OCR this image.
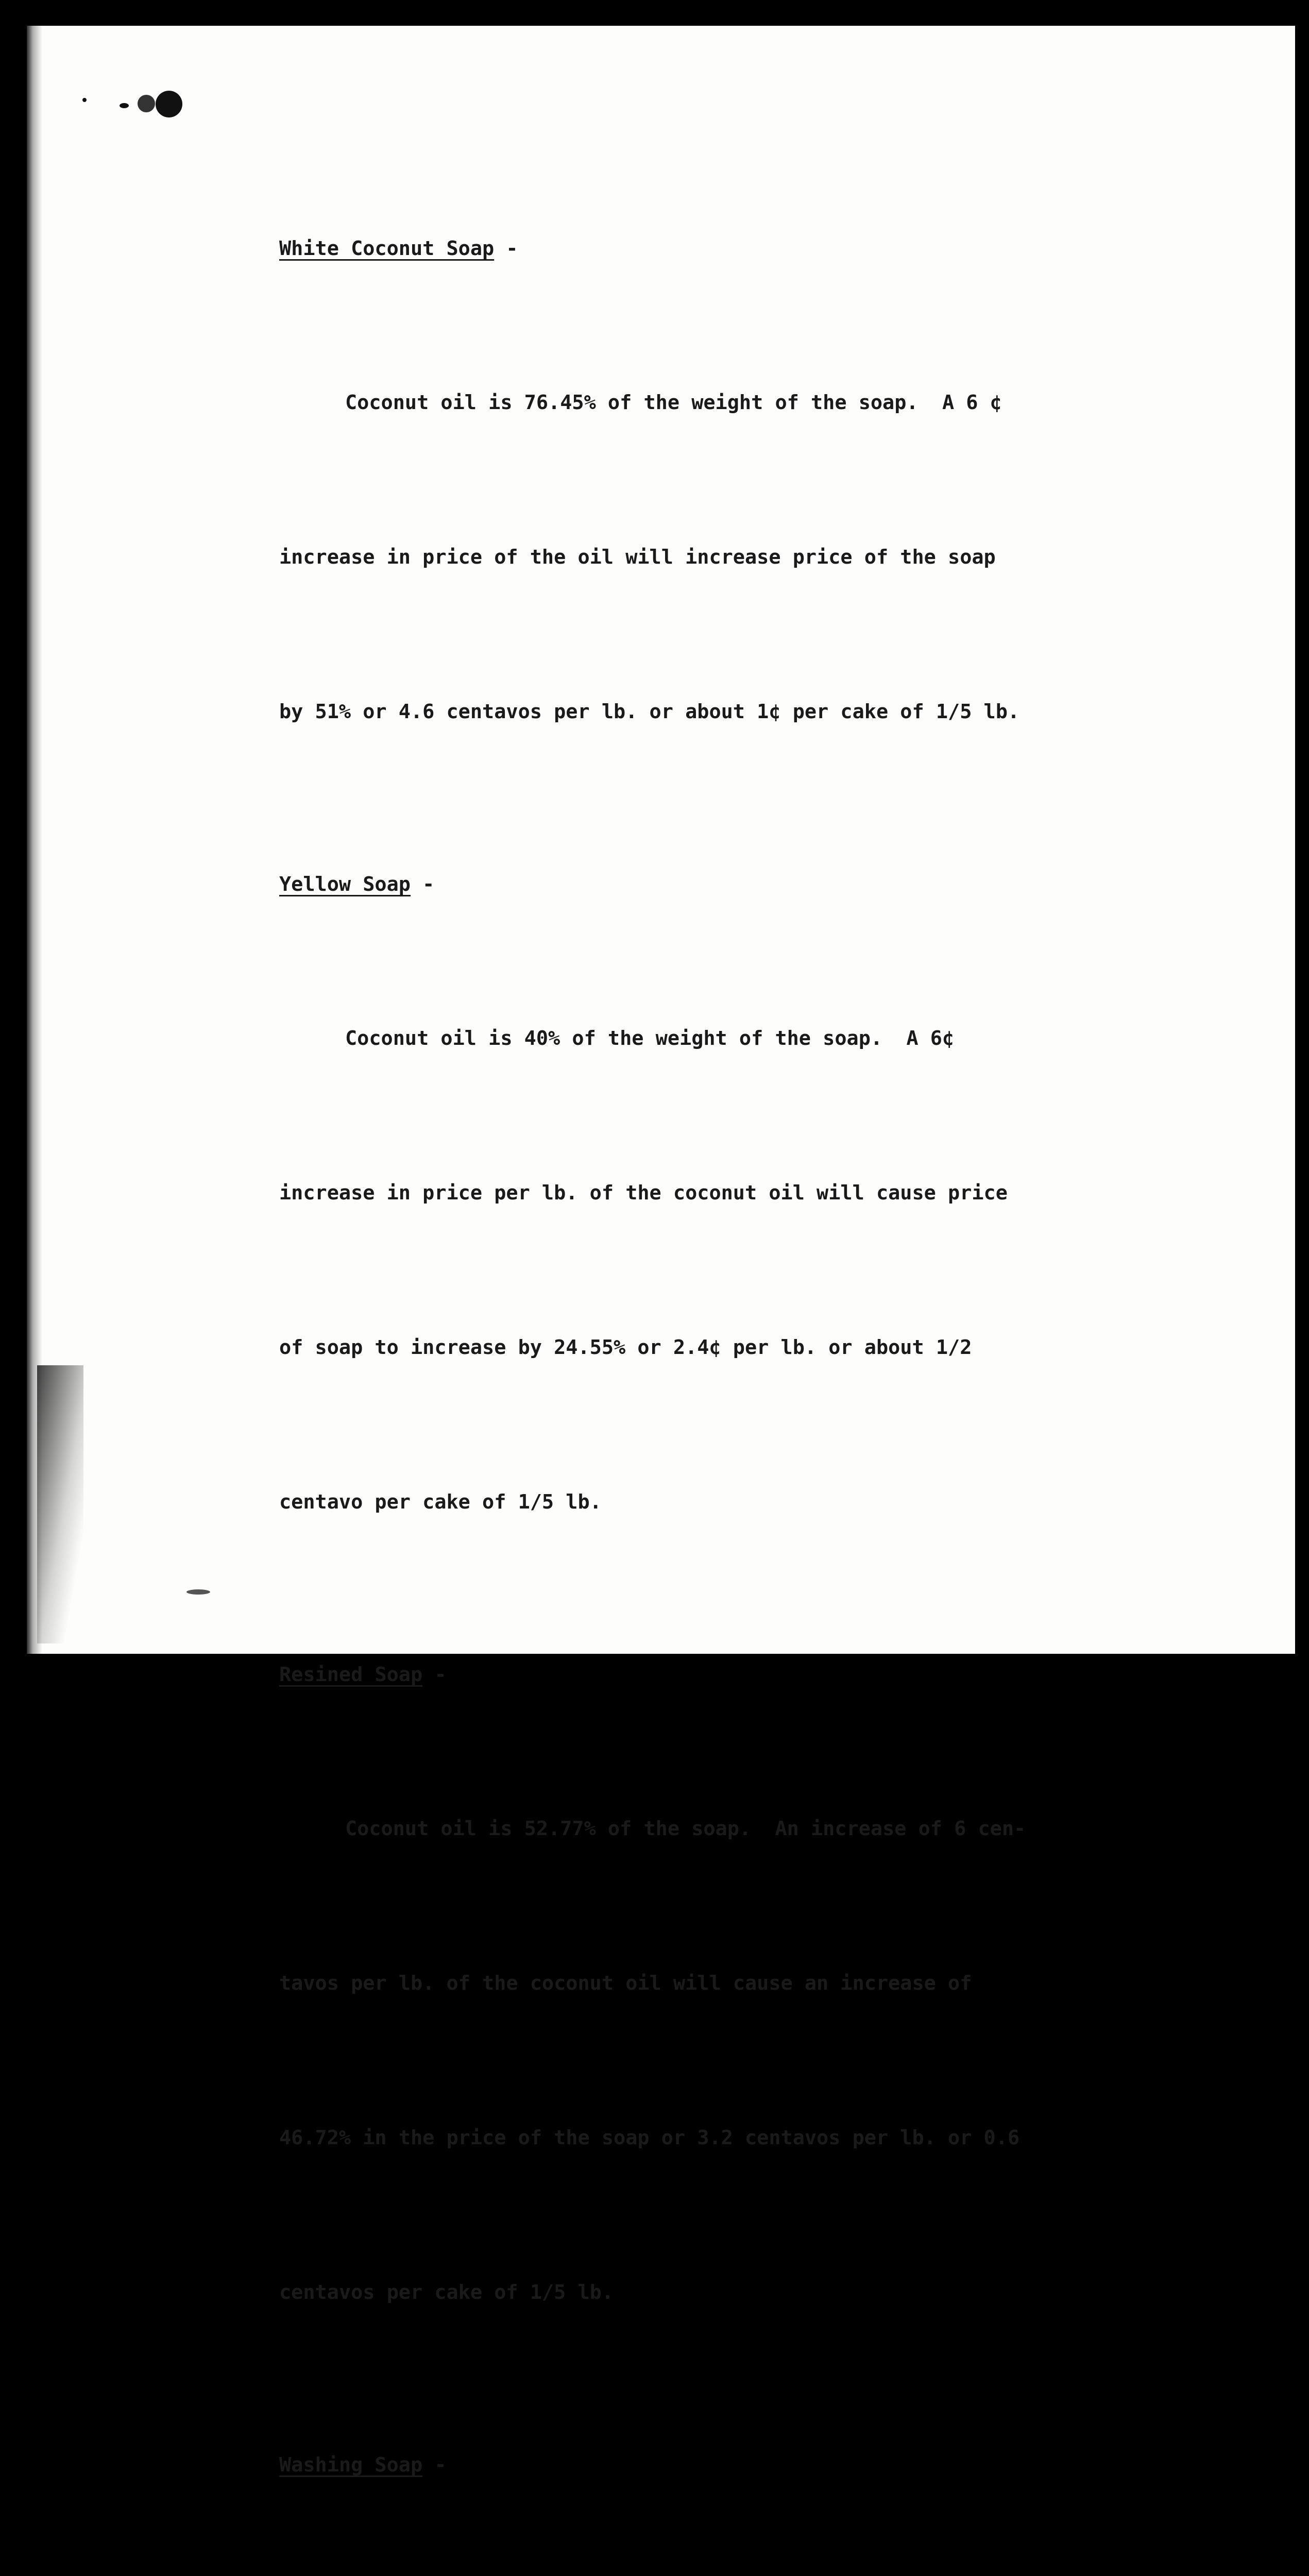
White Coconut Soap -

Coconut oil is 76.45% of the weight of the soap.  A 6 ¢

increase in price of the oil will increase price of the soap

by 51% or 4.6 centavos per lb. or about 1¢ per cake of 1/5 lb.

Yellow Soap -

Coconut oil is 40% of the weight of the soap.  A 6¢

increase in price per lb. of the coconut oil will cause price

of soap to increase by 24.55% or 2.4¢ per lb. or about 1/2

centavo per cake of 1/5 lb.

Resined Soap -

Coconut oil is 52.77% of the soap.  An increase of 6 cen-

tavos per lb. of the coconut oil will cause an increase of

46.72% in the price of the soap or 3.2 centavos per lb. or 0.6

centavos per cake of 1/5 lb.

Washing Soap -
